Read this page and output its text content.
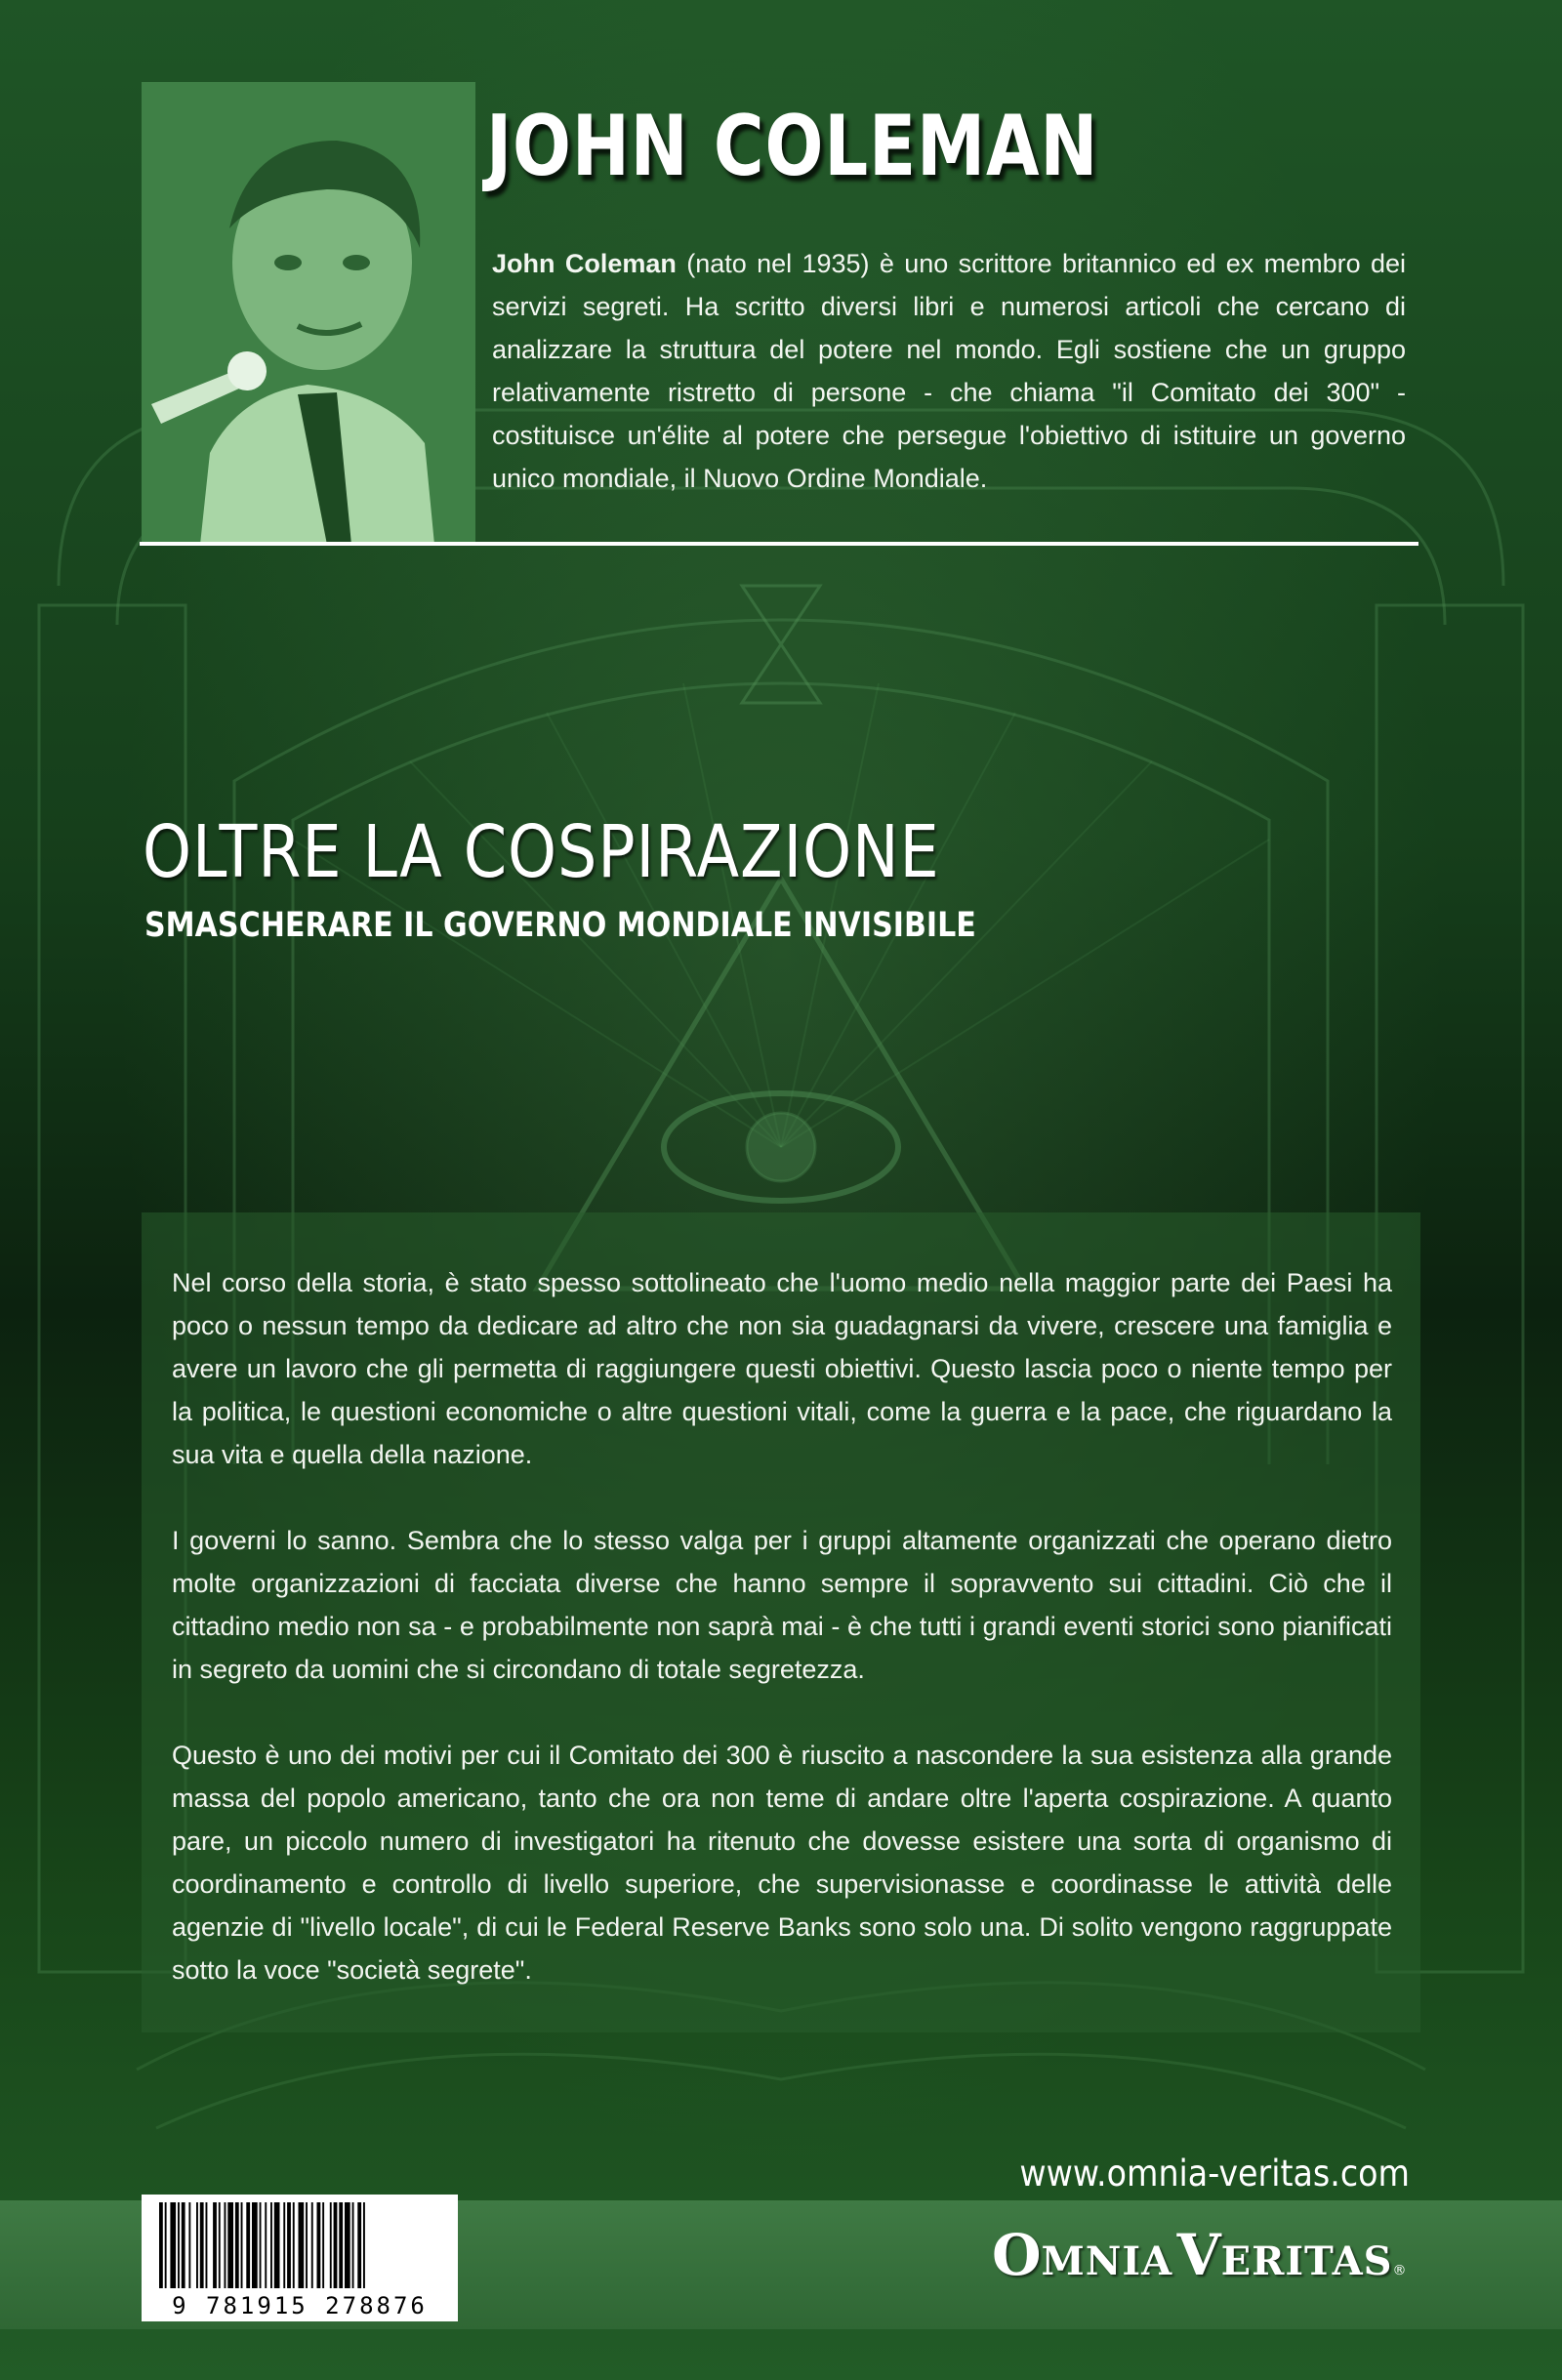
JOHN COLEMAN

John Coleman (nato nel 1935) è uno scrittore britannico ed ex membro dei servizi segreti. Ha scritto diversi libri e numerosi articoli che cercano di analizzare la struttura del potere nel mondo. Egli sostiene che un gruppo relativamente ristretto di persone - che chiama "il Comitato dei 300" - costituisce un'élite al potere che persegue l'obiettivo di istituire un governo unico mondiale, il Nuovo Ordine Mondiale.

OLTRE LA COSPIRAZIONE
SMASCHERARE IL GOVERNO MONDIALE INVISIBILE

Nel corso della storia, è stato spesso sottolineato che l'uomo medio nella maggior parte dei Paesi ha poco o nessun tempo da dedicare ad altro che non sia guadagnarsi da vivere, crescere una famiglia e avere un lavoro che gli permetta di raggiungere questi obiettivi. Questo lascia poco o niente tempo per la politica, le questioni economiche o altre questioni vitali, come la guerra e la pace, che riguardano la sua vita e quella della nazione.

I governi lo sanno. Sembra che lo stesso valga per i gruppi altamente organizzati che operano dietro molte organizzazioni di facciata diverse che hanno sempre il sopravvento sui cittadini. Ciò che il cittadino medio non sa - e probabilmente non saprà mai - è che tutti i grandi eventi storici sono pianificati in segreto da uomini che si circondano di totale segretezza.

Questo è uno dei motivi per cui il Comitato dei 300 è riuscito a nascondere la sua esistenza alla grande massa del popolo americano, tanto che ora non teme di andare oltre l'aperta cospirazione. A quanto pare, un piccolo numero di investigatori ha ritenuto che dovesse esistere una sorta di organismo di coordinamento e controllo di livello superiore, che supervisionasse e coordinasse le attività delle agenzie di "livello locale", di cui le Federal Reserve Banks sono solo una. Di solito vengono raggruppate sotto la voce "società segrete".

www.omnia-veritas.com
9 781915 278876
OMNIA VERITAS®
